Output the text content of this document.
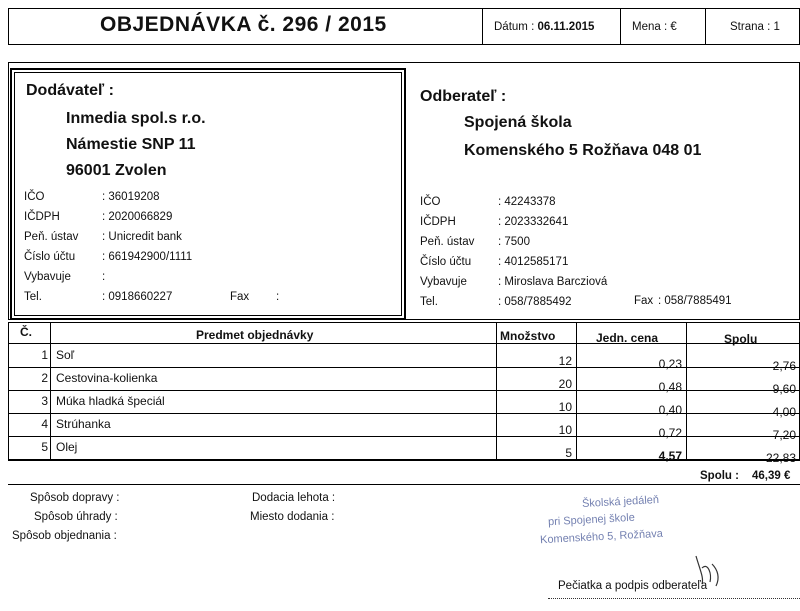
OBJEDNÁVKA č. 296 / 2015	Dátum : 06.11.2015	Mena : €	Strana : 1
Dodávateľ :
Inmedia spol.s r.o.
Námestie SNP 11
96001 Zvolen
IČO	: 36019208
IČDPH	: 2020066829
Peň. ústav : Unicredit bank
Číslo účtu : 661942900/1111
Vybavuje	:
Tel.	: 0918660227	Fax :
Odberateľ :
Spojená škola
Komenského 5 Rožňava 048 01
IČO	: 42243378
IČDPH	: 2023332641
Peň. ústav : 7500
Číslo účtu : 4012585171
Vybavuje	: Miroslava Barcziová
Tel.	: 058/7885492	Fax : 058/7885491
Č.	Predmet objednávky	Množstvo	Jedn. cena	Spolu
1 Soľ	12	0,23	2,76
2 Cestovina-kolienka	20	0,48	9,60
3 Múka hladká špeciál	10	0,40	4,00
4 Strúhanka	10	0,72	7,20
5 Olej	5	4,57	22,83
Spolu : 46,39 €
Spôsob dopravy :
Spôsob úhrady :
Spôsob objednania :
Dodacia lehota :
Miesto dodania :
Školská jedáleň
pri Spojenej škole
Komenského 5, Rožňava
Pečiatka a podpis odberateľa
